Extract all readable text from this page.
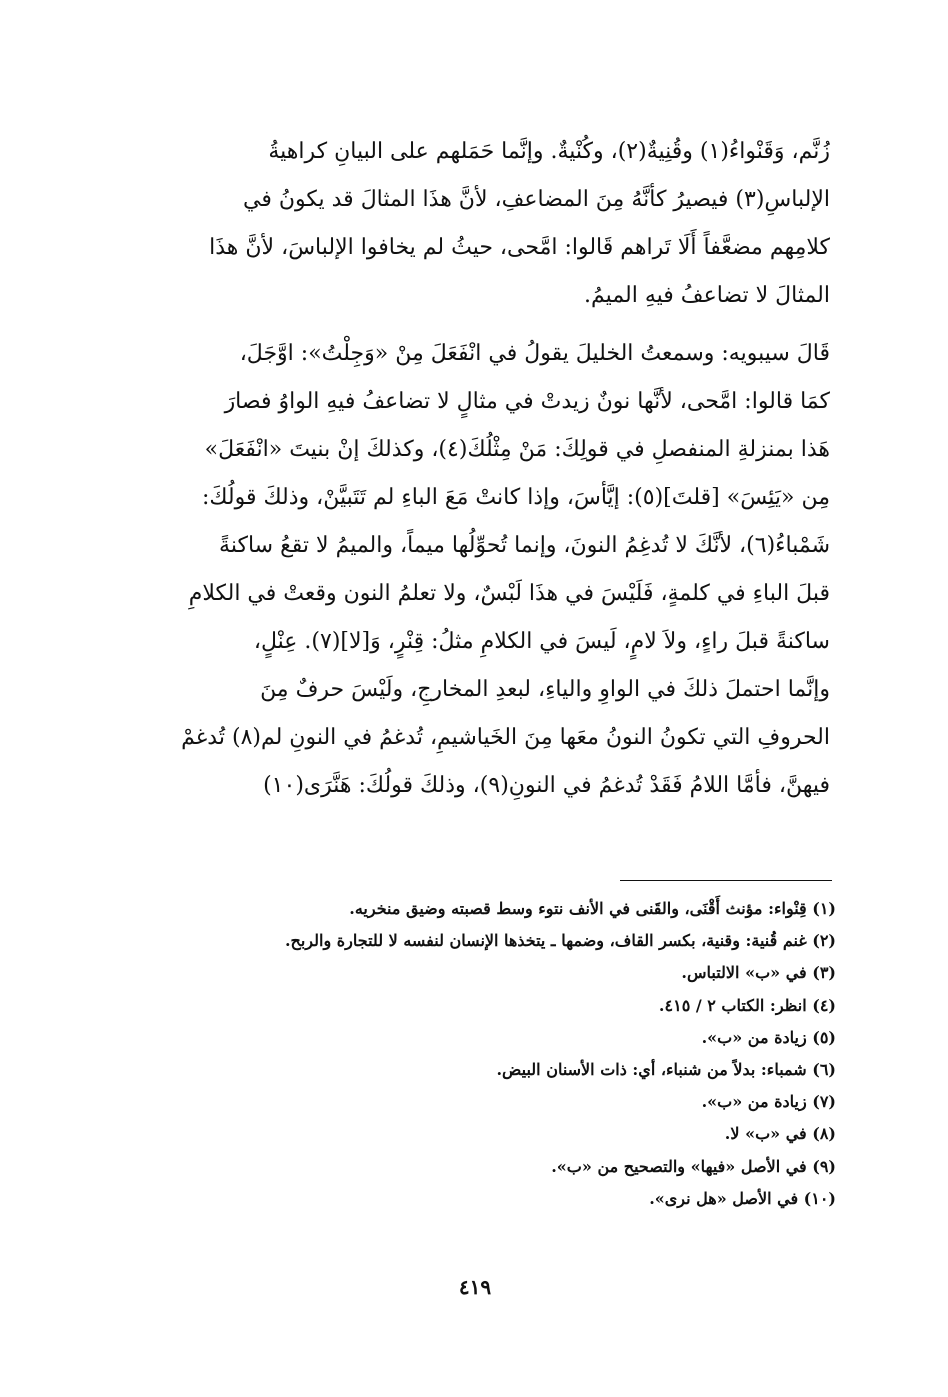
زُنَّم، وَقَنْواءُ(١) وقُنِيةٌ(٢)، وكُنْيةٌ. وإنَّما حَمَلهم على البيانِ كراهيةُ
الإلباسِ(٣) فيصيرُ كأنَّهُ مِنَ المضاعفِ، لأنَّ هذَا المثالَ قد يكونُ في
كلامِهم مضعَّفاً أَلَا تَراهم قَالوا: امَّحى، حيثُ لم يخافوا الإلباسَ، لأنَّ هذَا
المثالَ لا تضاعفُ فيهِ الميمُ.
قَالَ سيبويه: وسمعتُ الخليلَ يقولُ في انْفَعَلَ مِنْ «وَجِلْتُ»: اوَّجَلَ،
كمَا قالوا: امَّحى، لأنَّها نونٌ زيدتْ في مثالٍ لا تضاعفُ فيهِ الواوُ فصارَ
هَذا بمنزلةِ المنفصلِ في قولِكَ: مَنْ مِثْلُكَ(٤)، وكذلكَ إنْ بنيتَ «انْفَعَلَ»
مِن «يَئِسَ» [قلتَ](٥): إيَّأسَ، وإذا كانتْ مَعَ الباءِ لم تَتَبيَّنْ، وذلكَ قولُكَ:
شَمْباءُ(٦)، لأنَّكَ لا تُدغِمُ النونَ، وإنما تُحوِّلُها ميماً، والميمُ لا تقعُ ساكنةً
قبلَ الباءِ في كلمةٍ، فَلَيْسَ في هذَا لَبْسٌ، ولا تعلمُ النون وقعتْ في الكلامِ
ساكنةً قبلَ راءٍ، ولاَ لامٍ، لَيسَ في الكلامِ مثلُ: قِنْرٍ، وَ[لا](٧). عِنْلٍ،
وإنَّما احتملَ ذلكَ في الواوِ والياءِ، لبعدِ المخارجِ، ولَيْسَ حرفٌ مِنَ
الحروفِ التي تكونُ النونُ معَها مِنَ الخَياشيمِ، تُدغمُ في النونِ لم(٨) تُدغمْ
فيهنَّ، فأمَّا اللامُ فَقَدْ تُدغمُ في النونِ(٩)، وذلكَ قولُكَ: هَنَّرَى(١٠)
(١) قِنْواء: مؤنث أَقْنَى، والقَنى في الأنف نتوء وسط قصبته وضيق منخريه.
(٢) غنم قُنية: وقنية، بكسر القاف، وضمها ـ يتخذها الإنسان لنفسه لا للتجارة والربح.
(٣) في «ب» الالتباس.
(٤) انظر: الكتاب ٢ / ٤١٥.
(٥) زيادة من «ب».
(٦) شمباء: بدلاً من شنباء، أي: ذات الأسنان البيض.
(٧) زيادة من «ب».
(٨) في «ب» لا.
(٩) في الأصل «فيها» والتصحيح من «ب».
(١٠) في الأصل «هل نرى».
٤١٩
